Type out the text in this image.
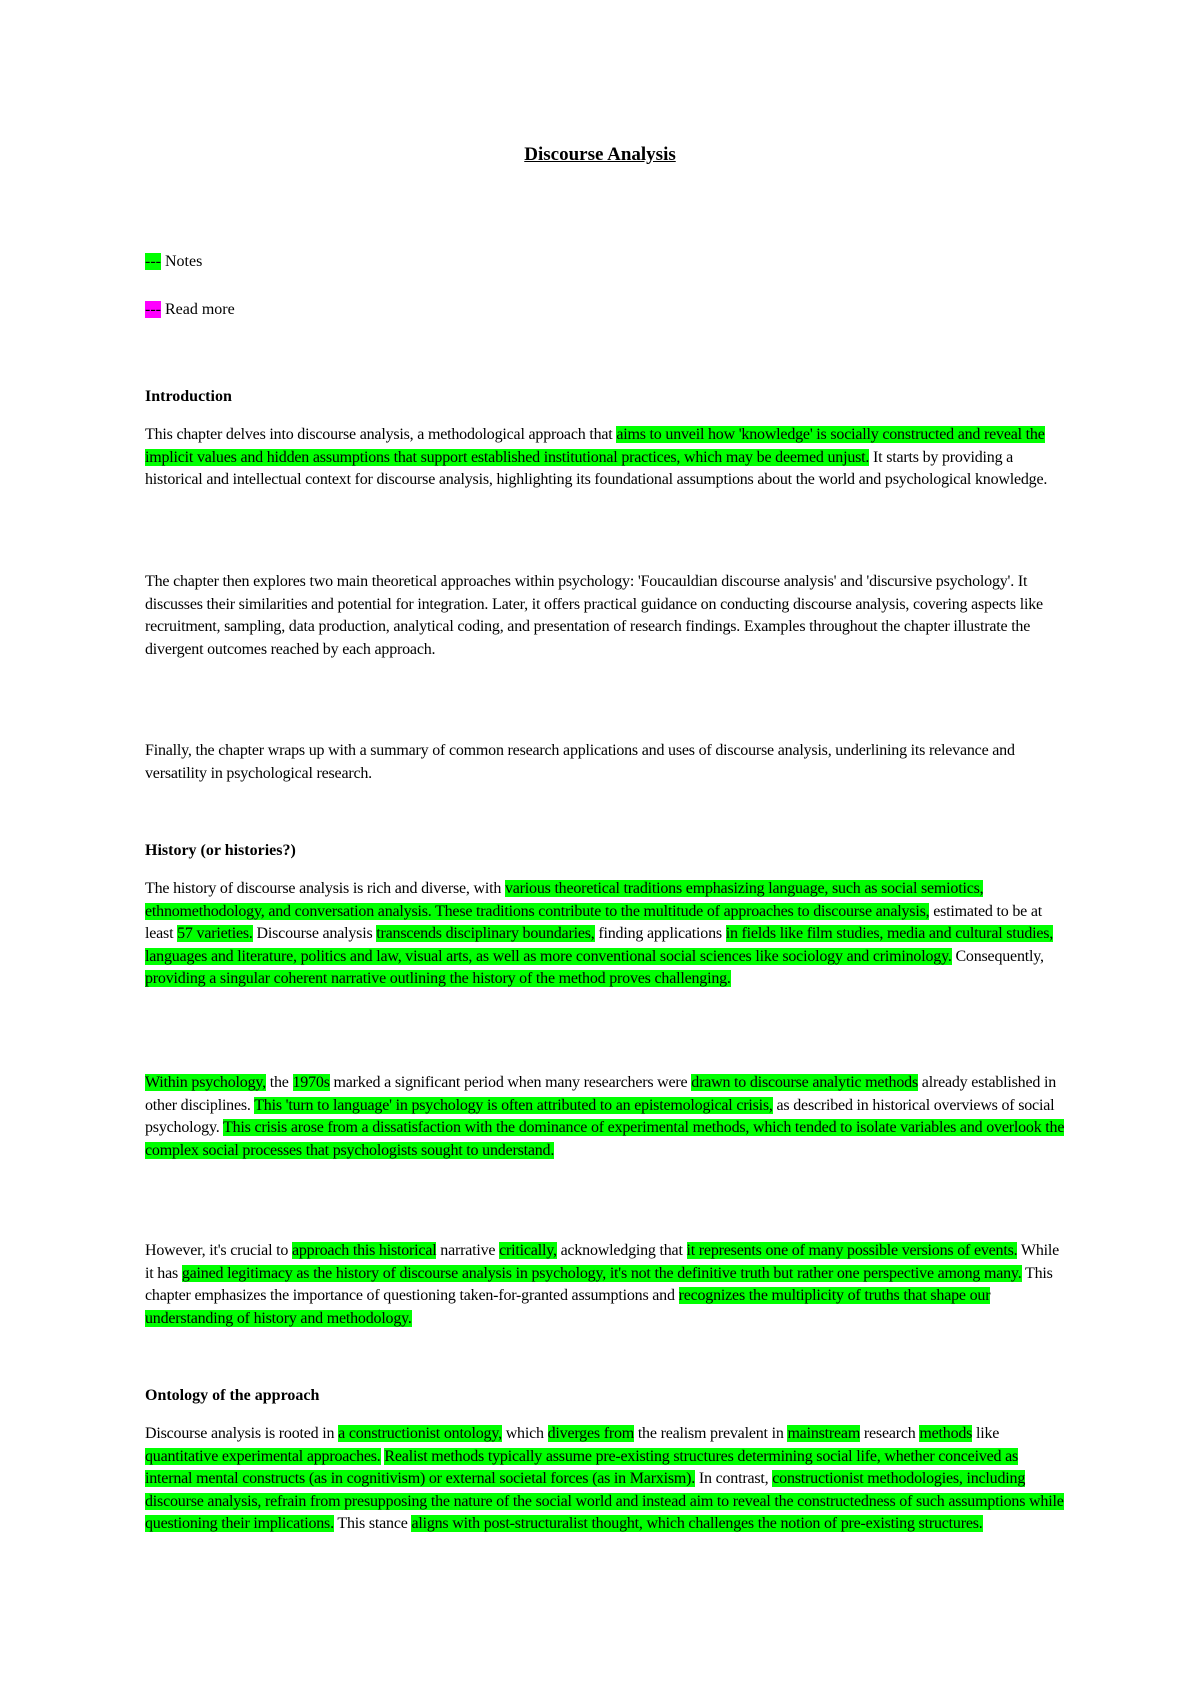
Discourse Analysis

--- Notes

--- Read more

Introduction

This chapter delves into discourse analysis, a methodological approach that aims to unveil how 'knowledge' is socially constructed and reveal the implicit values and hidden assumptions that support established institutional practices, which may be deemed unjust. It starts by providing a historical and intellectual context for discourse analysis, highlighting its foundational assumptions about the world and psychological knowledge.

The chapter then explores two main theoretical approaches within psychology: 'Foucauldian discourse analysis' and 'discursive psychology'. It discusses their similarities and potential for integration. Later, it offers practical guidance on conducting discourse analysis, covering aspects like recruitment, sampling, data production, analytical coding, and presentation of research findings. Examples throughout the chapter illustrate the divergent outcomes reached by each approach.

Finally, the chapter wraps up with a summary of common research applications and uses of discourse analysis, underlining its relevance and versatility in psychological research.

History (or histories?)

The history of discourse analysis is rich and diverse, with various theoretical traditions emphasizing language, such as social semiotics, ethnomethodology, and conversation analysis. These traditions contribute to the multitude of approaches to discourse analysis, estimated to be at least 57 varieties. Discourse analysis transcends disciplinary boundaries, finding applications in fields like film studies, media and cultural studies, languages and literature, politics and law, visual arts, as well as more conventional social sciences like sociology and criminology. Consequently, providing a singular coherent narrative outlining the history of the method proves challenging.

Within psychology, the 1970s marked a significant period when many researchers were drawn to discourse analytic methods already established in other disciplines. This 'turn to language' in psychology is often attributed to an epistemological crisis, as described in historical overviews of social psychology. This crisis arose from a dissatisfaction with the dominance of experimental methods, which tended to isolate variables and overlook the complex social processes that psychologists sought to understand.

However, it's crucial to approach this historical narrative critically, acknowledging that it represents one of many possible versions of events. While it has gained legitimacy as the history of discourse analysis in psychology, it's not the definitive truth but rather one perspective among many. This chapter emphasizes the importance of questioning taken-for-granted assumptions and recognizes the multiplicity of truths that shape our understanding of history and methodology.

Ontology of the approach

Discourse analysis is rooted in a constructionist ontology, which diverges from the realism prevalent in mainstream research methods like quantitative experimental approaches. Realist methods typically assume pre-existing structures determining social life, whether conceived as internal mental constructs (as in cognitivism) or external societal forces (as in Marxism). In contrast, constructionist methodologies, including discourse analysis, refrain from presupposing the nature of the social world and instead aim to reveal the constructedness of such assumptions while questioning their implications. This stance aligns with post-structuralist thought, which challenges the notion of pre-existing structures.
